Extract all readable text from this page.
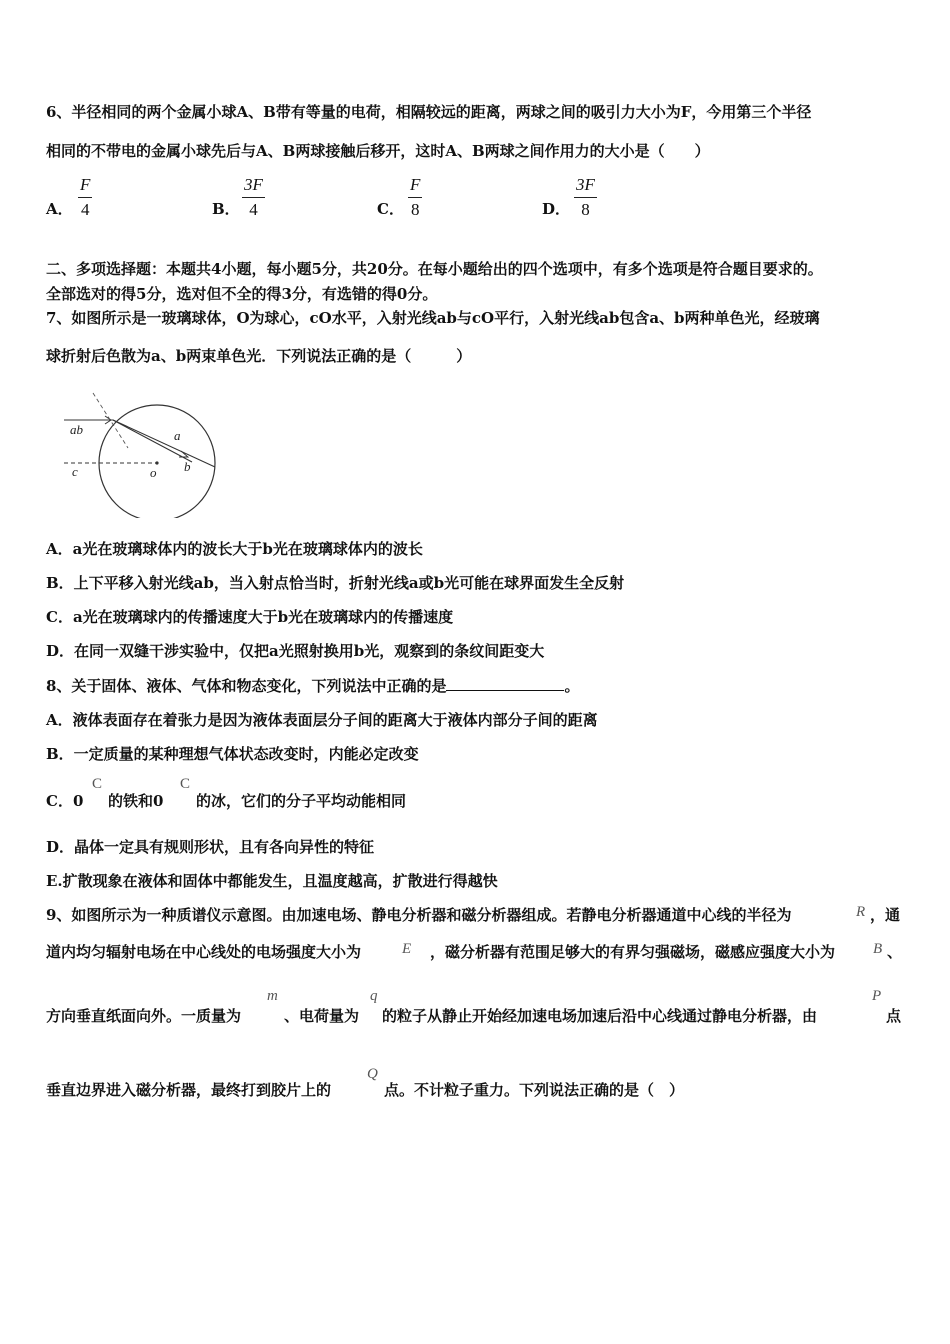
6、半径相同的两个金属小球A、B带有等量的电荷，相隔较远的距离，两球之间的吸引力大小为F，今用第三个半径
相同的不带电的金属小球先后与A、B两球接触后移开，这时A、B两球之间作用力的大小是（　　）
A． $\frac{F}{4}$	B． $\frac{3F}{4}$	C． $\frac{F}{8}$	D． $\frac{3F}{8}$
二、多项选择题：本题共4小题，每小题5分，共20分。在每小题给出的四个选项中，有多个选项是符合题目要求的。
全部选对的得5分，选对但不全的得3分，有选错的得0分。
7、如图所示是一玻璃球体，O为球心，cO水平，入射光线ab与cO平行，入射光线ab包含a、b两种单色光，经玻璃
球折射后色散为a、b两束单色光．下列说法正确的是（　　　）
ab	a
b
c	o
A．a光在玻璃球体内的波长大于b光在玻璃球体内的波长
B．上下平移入射光线ab，当入射点恰当时，折射光线a或b光可能在球界面发生全反射
C．a光在玻璃球内的传播速度大于b光在玻璃球内的传播速度
D．在同一双缝干涉实验中，仅把a光照射换用b光，观察到的条纹间距变大
8、关于固体、液体、气体和物态变化，下列说法中正确的是	。
A．液体表面存在着张力是因为液体表面层分子间的距离大于液体内部分子间的距离
B．一定质量的某种理想气体状态改变时，内能必定改变
C．0
C
的铁和0
C
的冰，它们的分子平均动能相同
D．晶体一定具有规则形状，且有各向异性的特征
E.扩散现象在液体和固体中都能发生，且温度越高，扩散进行得越快
9、如图所示为一种质谱仪示意图。由加速电场、静电分析器和磁分析器组成。若静电分析器通道中心线的半径为	R ，通
道内均匀辐射电场在中心线处的电场强度大小为	E ，磁分析器有范围足够大的有界匀强磁场，磁感应强度大小为	B 、
方向垂直纸面向外。一质量为
m
、电荷量为
q
的粒子从静止开始经加速电场加速后沿中心线通过静电分析器，由
P
点
垂直边界进入磁分析器，最终打到胶片上的
Q
点。不计粒子重力。下列说法正确的是（　）
